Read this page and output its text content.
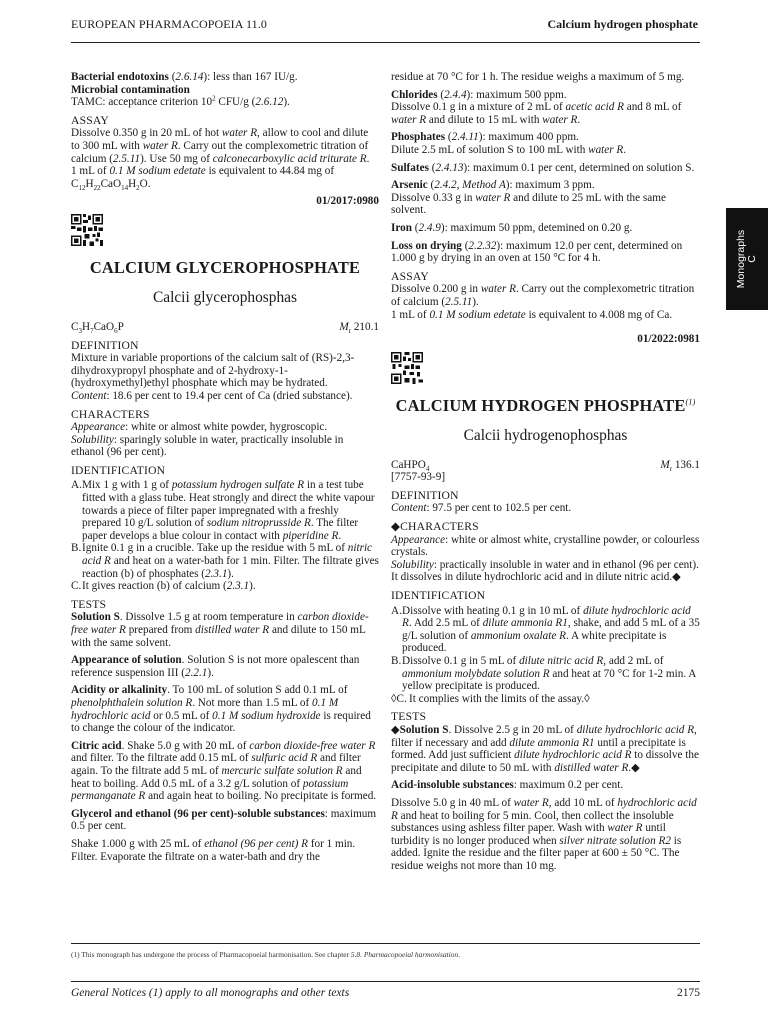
EUROPEAN PHARMACOPOEIA 11.0	Calcium hydrogen phosphate
Monographs
C

Bacterial endotoxins (2.6.14): less than 167 IU/g.

Microbial contamination

TAMC: acceptance criterion $10^2$ CFU/g (2.6.12).

ASSAY

Dissolve 0.350 g in 20 mL of hot water R, allow to cool and dilute to 300 mL with water R. Carry out the complexometric titration of calcium (2.5.11). Use 50 mg of calconecarboxylic acid triturate R.

1 mL of 0.1 M sodium edetate is equivalent to 44.84 mg of $C_{12}H_{22}CaO_{14}H_2O$.

01/2017:0980

CALCIUM GLYCEROPHOSPHATE

Calcii glycerophosphas

$C_3H_7CaO_6P$	$M_r$ 210.1

DEFINITION

Mixture in variable proportions of the calcium salt of (RS)-2,3-dihydroxypropyl phosphate and of 2-hydroxy-1-(hydroxymethyl)ethyl phosphate which may be hydrated.

Content: 18.6 per cent to 19.4 per cent of Ca (dried substance).

CHARACTERS

Appearance: white or almost white powder, hygroscopic.

Solubility: sparingly soluble in water, practically insoluble in ethanol (96 per cent).

IDENTIFICATION

A. Mix 1 g with 1 g of potassium hydrogen sulfate R in a test tube fitted with a glass tube. Heat strongly and direct the white vapour towards a piece of filter paper impregnated with a freshly prepared 10 g/L solution of sodium nitroprusside R. The filter paper develops a blue colour in contact with piperidine R.
B. Ignite 0.1 g in a crucible. Take up the residue with 5 mL of nitric acid R and heat on a water-bath for 1 min. Filter. The filtrate gives reaction (b) of phosphates (2.3.1).
C. It gives reaction (b) of calcium (2.3.1).

TESTS

Solution S. Dissolve 1.5 g at room temperature in carbon dioxide-free water R prepared from distilled water R and dilute to 150 mL with the same solvent.

Appearance of solution. Solution S is not more opalescent than reference suspension III (2.2.1).

Acidity or alkalinity. To 100 mL of solution S add 0.1 mL of phenolphthalein solution R. Not more than 1.5 mL of 0.1 M hydrochloric acid or 0.5 mL of 0.1 M sodium hydroxide is required to change the colour of the indicator.

Citric acid. Shake 5.0 g with 20 mL of carbon dioxide-free water R and filter. To the filtrate add 0.15 mL of sulfuric acid R and filter again. To the filtrate add 5 mL of mercuric sulfate solution R and heat to boiling. Add 0.5 mL of a 3.2 g/L solution of potassium permanganate R and again heat to boiling. No precipitate is formed.

Glycerol and ethanol (96 per cent)-soluble substances: maximum 0.5 per cent.

Shake 1.000 g with 25 mL of ethanol (96 per cent) R for 1 min. Filter. Evaporate the filtrate on a water-bath and dry the

residue at 70 °C for 1 h. The residue weighs a maximum of 5 mg.

Chlorides (2.4.4): maximum 500 ppm.

Dissolve 0.1 g in a mixture of 2 mL of acetic acid R and 8 mL of water R and dilute to 15 mL with water R.

Phosphates (2.4.11): maximum 400 ppm.

Dilute 2.5 mL of solution S to 100 mL with water R.

Sulfates (2.4.13): maximum 0.1 per cent, determined on solution S.

Arsenic (2.4.2, Method A): maximum 3 ppm.

Dissolve 0.33 g in water R and dilute to 25 mL with the same solvent.

Iron (2.4.9): maximum 50 ppm, detemined on 0.20 g.

Loss on drying (2.2.32): maximum 12.0 per cent, determined on 1.000 g by drying in an oven at 150 °C for 4 h.

ASSAY

Dissolve 0.200 g in water R. Carry out the complexometric titration of calcium (2.5.11).

1 mL of 0.1 M sodium edetate is equivalent to 4.008 mg of Ca.

01/2022:0981

CALCIUM HYDROGEN PHOSPHATE$^{(1)}$

Calcii hydrogenophosphas

CaHPO$_4$	$M_r$ 136.1

[7757-93-9]

DEFINITION

Content: 97.5 per cent to 102.5 per cent.

◆CHARACTERS

Appearance: white or almost white, crystalline powder, or colourless crystals.

Solubility: practically insoluble in water and in ethanol (96 per cent). It dissolves in dilute hydrochloric acid and in dilute nitric acid.◆

IDENTIFICATION

A. Dissolve with heating 0.1 g in 10 mL of dilute hydrochloric acid R. Add 2.5 mL of dilute ammonia R1, shake, and add 5 mL of a 35 g/L solution of ammonium oxalate R. A white precipitate is produced.
B. Dissolve 0.1 g in 5 mL of dilute nitric acid R, add 2 mL of ammonium molybdate solution R and heat at 70 °C for 1-2 min. A yellow precipitate is produced.
◊C. It complies with the limits of the assay.◊

TESTS

◆Solution S. Dissolve 2.5 g in 20 mL of dilute hydrochloric acid R, filter if necessary and add dilute ammonia R1 until a precipitate is formed. Add just sufficient dilute hydrochloric acid R to dissolve the precipitate and dilute to 50 mL with distilled water R.◆

Acid-insoluble substances: maximum 0.2 per cent.

Dissolve 5.0 g in 40 mL of water R, add 10 mL of hydrochloric acid R and heat to boiling for 5 min. Cool, then collect the insoluble substances using ashless filter paper. Wash with water R until turbidity is no longer produced when silver nitrate solution R2 is added. Ignite the residue and the filter paper at 600 ± 50 °C. The residue weighs not more than 10 mg.

(1) This monograph has undergone the process of Pharmacopoeial harmonisation. See chapter 5.8. Pharmacopoeial harmonisation.
General Notices (1) apply to all monographs and other texts	2175
